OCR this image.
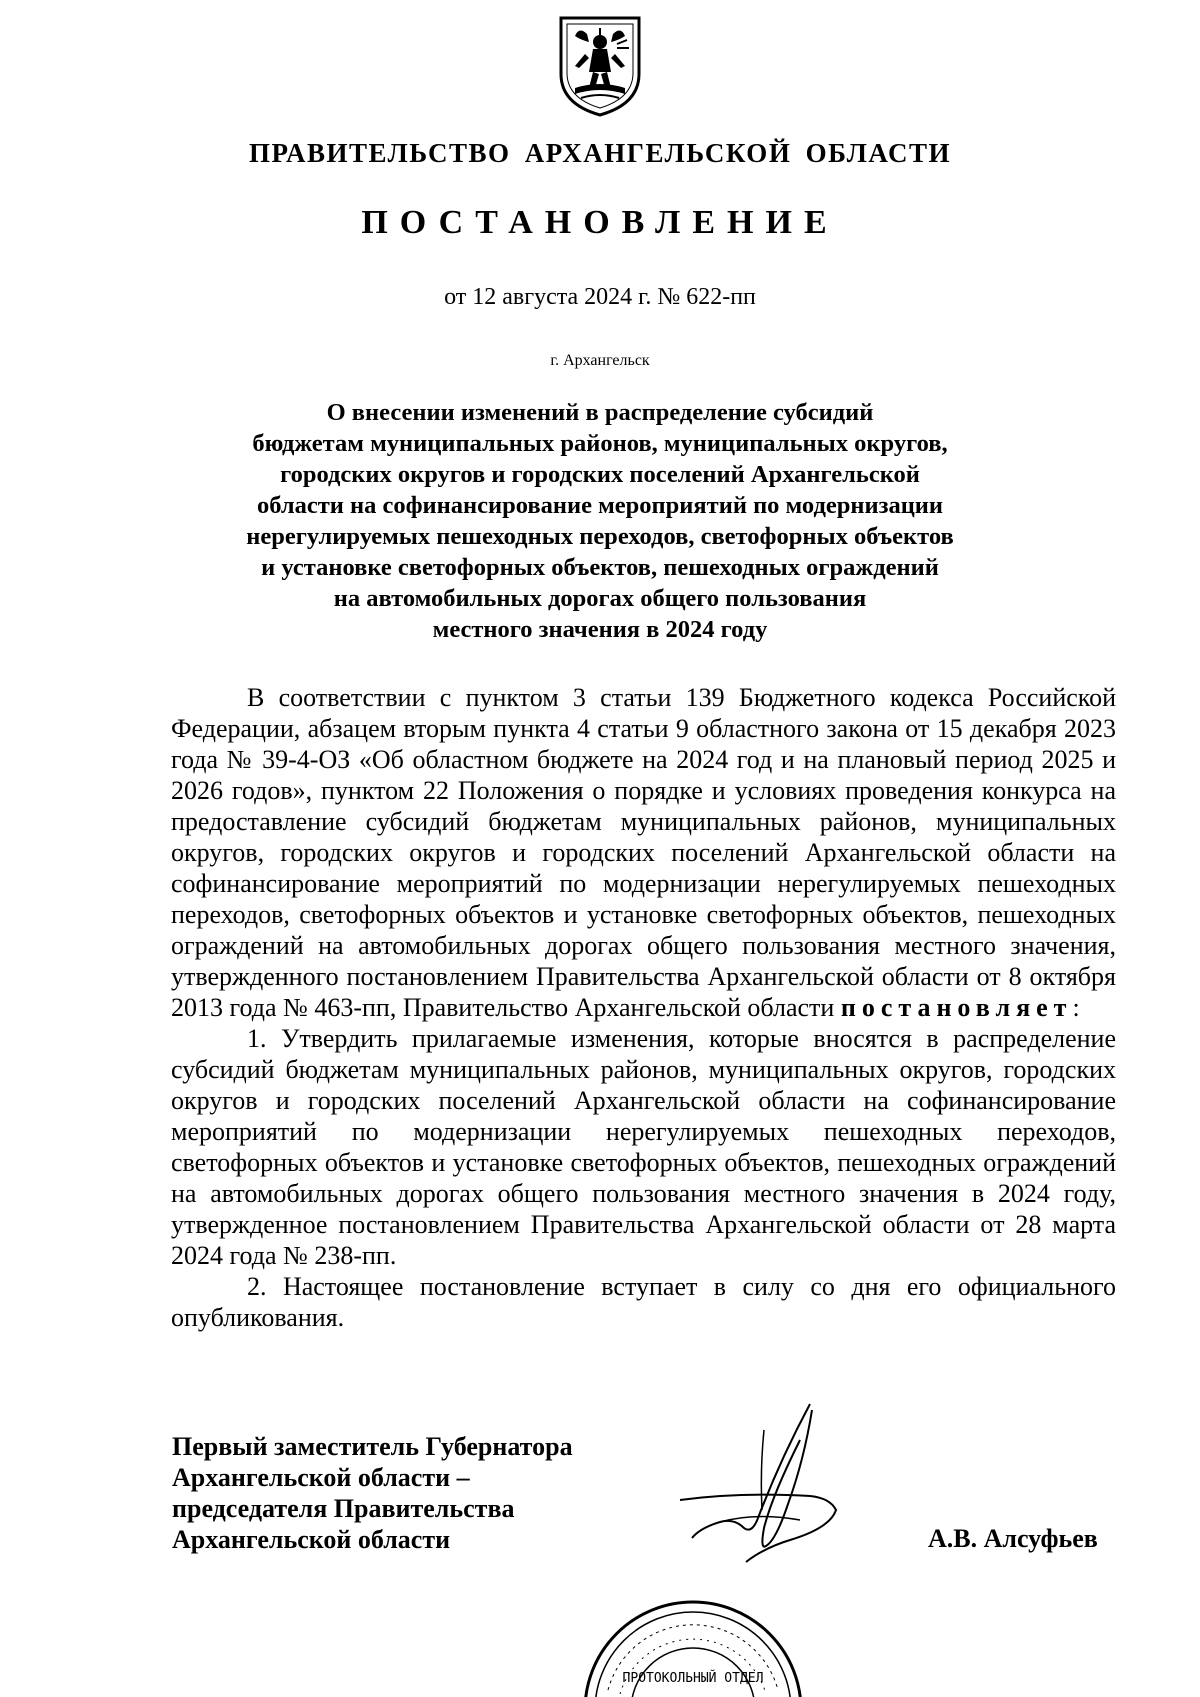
ПРАВИТЕЛЬСТВО АРХАНГЕЛЬСКОЙ ОБЛАСТИ
ПОСТАНОВЛЕНИЕ
от 12 августа 2024 г. № 622-пп
г. Архангельск
О внесении изменений в распределение субсидий
бюджетам муниципальных районов, муниципальных округов,
городских округов и городских поселений Архангельской
области на софинансирование мероприятий по модернизации
нерегулируемых пешеходных переходов, светофорных объектов
и установке светофорных объектов, пешеходных ограждений
на автомобильных дорогах общего пользования
местного значения в 2024 году

В соответствии с пунктом 3 статьи 139 Бюджетного кодекса Российской Федерации, абзацем вторым пункта 4 статьи 9 областного закона от 15 декабря 2023 года № 39-4-ОЗ «Об областном бюджете на 2024 год и на плановый период 2025 и 2026 годов», пунктом 22 Положения о порядке и условиях проведения конкурса на предоставление субсидий бюджетам муниципальных районов, муниципальных округов, городских округов и городских поселений Архангельской области на софинансирование мероприятий по модернизации нерегулируемых пешеходных переходов, светофорных объектов и установке светофорных объектов, пешеходных ограждений на автомобильных дорогах общего пользования местного значения, утвержденного постановлением Правительства Архангельской области от 8 октября 2013 года № 463-пп, Правительство Архангельской области постановляет:

1. Утвердить прилагаемые изменения, которые вносятся в распределение субсидий бюджетам муниципальных районов, муниципальных округов, городских округов и городских поселений Архангельской области на софинансирование мероприятий по модернизации нерегулируемых пешеходных переходов, светофорных объектов и установке светофорных объектов, пешеходных ограждений на автомобильных дорогах общего пользования местного значения в 2024 году, утвержденное постановлением Правительства Архангельской области от 28 марта 2024 года № 238-пп.

2. Настоящее постановление вступает в силу со дня его официального опубликования.

Первый заместитель Губернатора
Архангельской области –
председателя Правительства
Архангельской области	А.В. Алсуфьев
ПРОТОКОЛЬНЫЙ ОТДЕЛ
